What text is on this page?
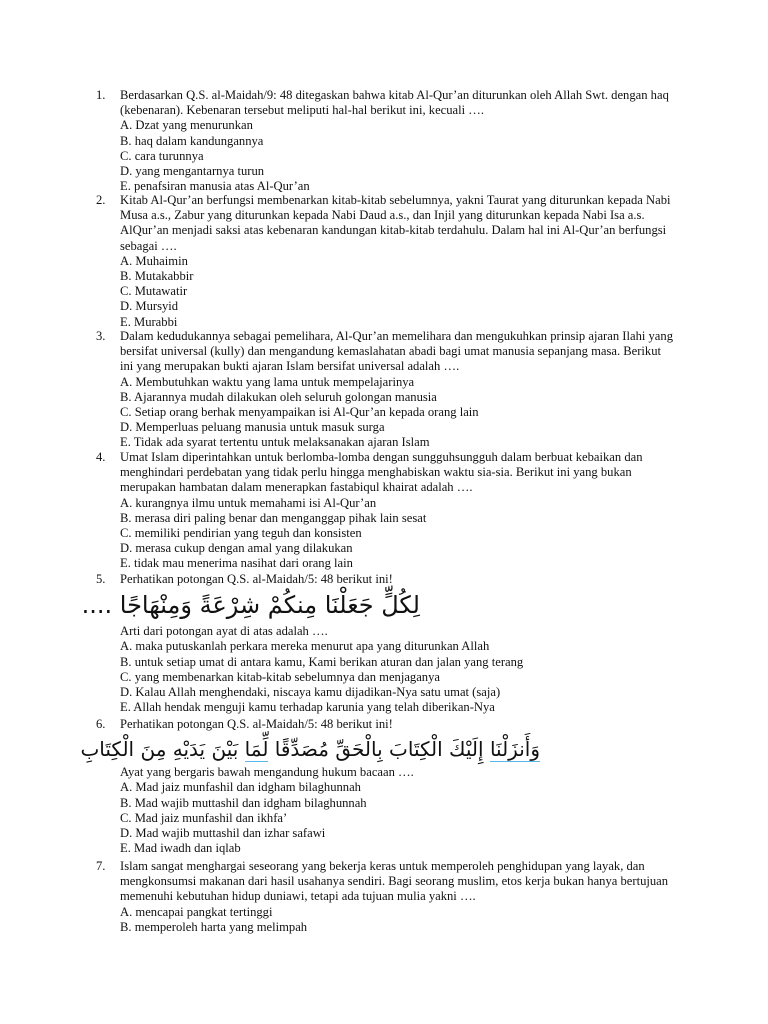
1. Berdasarkan Q.S. al-Maidah/9: 48 ditegaskan bahwa kitab Al-Qur’an diturunkan oleh Allah Swt. dengan haq (kebenaran). Kebenaran tersebut meliputi hal-hal berikut ini, kecuali ….
A. Dzat yang menurunkan
B. haq dalam kandungannya
C. cara turunnya
D. yang mengantarnya turun
E. penafsiran manusia atas Al-Qur’an
2. Kitab Al-Qur’an berfungsi membenarkan kitab-kitab sebelumnya, yakni Taurat yang diturunkan kepada Nabi Musa a.s., Zabur yang diturunkan kepada Nabi Daud a.s., dan Injil yang diturunkan kepada Nabi Isa a.s. AlQur’an menjadi saksi atas kebenaran kandungan kitab-kitab terdahulu. Dalam hal ini Al-Qur’an berfungsi sebagai ….
A. Muhaimin
B. Mutakabbir
C. Mutawatir
D. Mursyid
E. Murabbi
3. Dalam kedudukannya sebagai pemelihara, Al-Qur’an memelihara dan mengukuhkan prinsip ajaran Ilahi yang bersifat universal (kully) dan mengandung kemaslahatan abadi bagi umat manusia sepanjang masa. Berikut ini yang merupakan bukti ajaran Islam bersifat universal adalah ….
A. Membutuhkan waktu yang lama untuk mempelajarinya
B. Ajarannya mudah dilakukan oleh seluruh golongan manusia
C. Setiap orang berhak menyampaikan isi Al-Qur’an kepada orang lain
D. Memperluas peluang manusia untuk masuk surga
E. Tidak ada syarat tertentu untuk melaksanakan ajaran Islam
4. Umat Islam diperintahkan untuk berlomba-lomba dengan sungguhsungguh dalam berbuat kebaikan dan menghindari perdebatan yang tidak perlu hingga menghabiskan waktu sia-sia. Berikut ini yang bukan merupakan hambatan dalam menerapkan fastabiqul khairat adalah ….
A. kurangnya ilmu untuk memahami isi Al-Qur’an
B. merasa diri paling benar dan menganggap pihak lain sesat
C. memiliki pendirian yang teguh dan konsisten
D. merasa cukup dengan amal yang dilakukan
E. tidak mau menerima nasihat dari orang lain
5. Perhatikan potongan Q.S. al-Maidah/5: 48 berikut ini!
لِكُلٍّ جَعَلْنَا مِنكُمْ شِرْعَةً وَمِنْهَاجًا ....
Arti dari potongan ayat di atas adalah ….
A. maka putuskanlah perkara mereka menurut apa yang diturunkan Allah
B. untuk setiap umat di antara kamu, Kami berikan aturan dan jalan yang terang
C. yang membenarkan kitab-kitab sebelumnya dan menjaganya
D. Kalau Allah menghendaki, niscaya kamu dijadikan-Nya satu umat (saja)
E. Allah hendak menguji kamu terhadap karunia yang telah diberikan-Nya
6. Perhatikan potongan Q.S. al-Maidah/5: 48 berikut ini!
وَأَنزَلْنَا إِلَيْكَ الْكِتَابَ بِالْحَقِّ مُصَدِّقًا لِّمَا بَيْنَ يَدَيْهِ مِنَ الْكِتَابِ
Ayat yang bergaris bawah mengandung hukum bacaan ….
A. Mad jaiz munfashil dan idgham bilaghunnah
B. Mad wajib muttashil dan idgham bilaghunnah
C. Mad jaiz munfashil dan ikhfa’
D. Mad wajib muttashil dan izhar safawi
E. Mad iwadh dan iqlab
7. Islam sangat menghargai seseorang yang bekerja keras untuk memperoleh penghidupan yang layak, dan mengkonsumsi makanan dari hasil usahanya sendiri. Bagi seorang muslim, etos kerja bukan hanya bertujuan memenuhi kebutuhan hidup duniawi, tetapi ada tujuan mulia yakni ….
A. mencapai pangkat tertinggi
B. memperoleh harta yang melimpah
